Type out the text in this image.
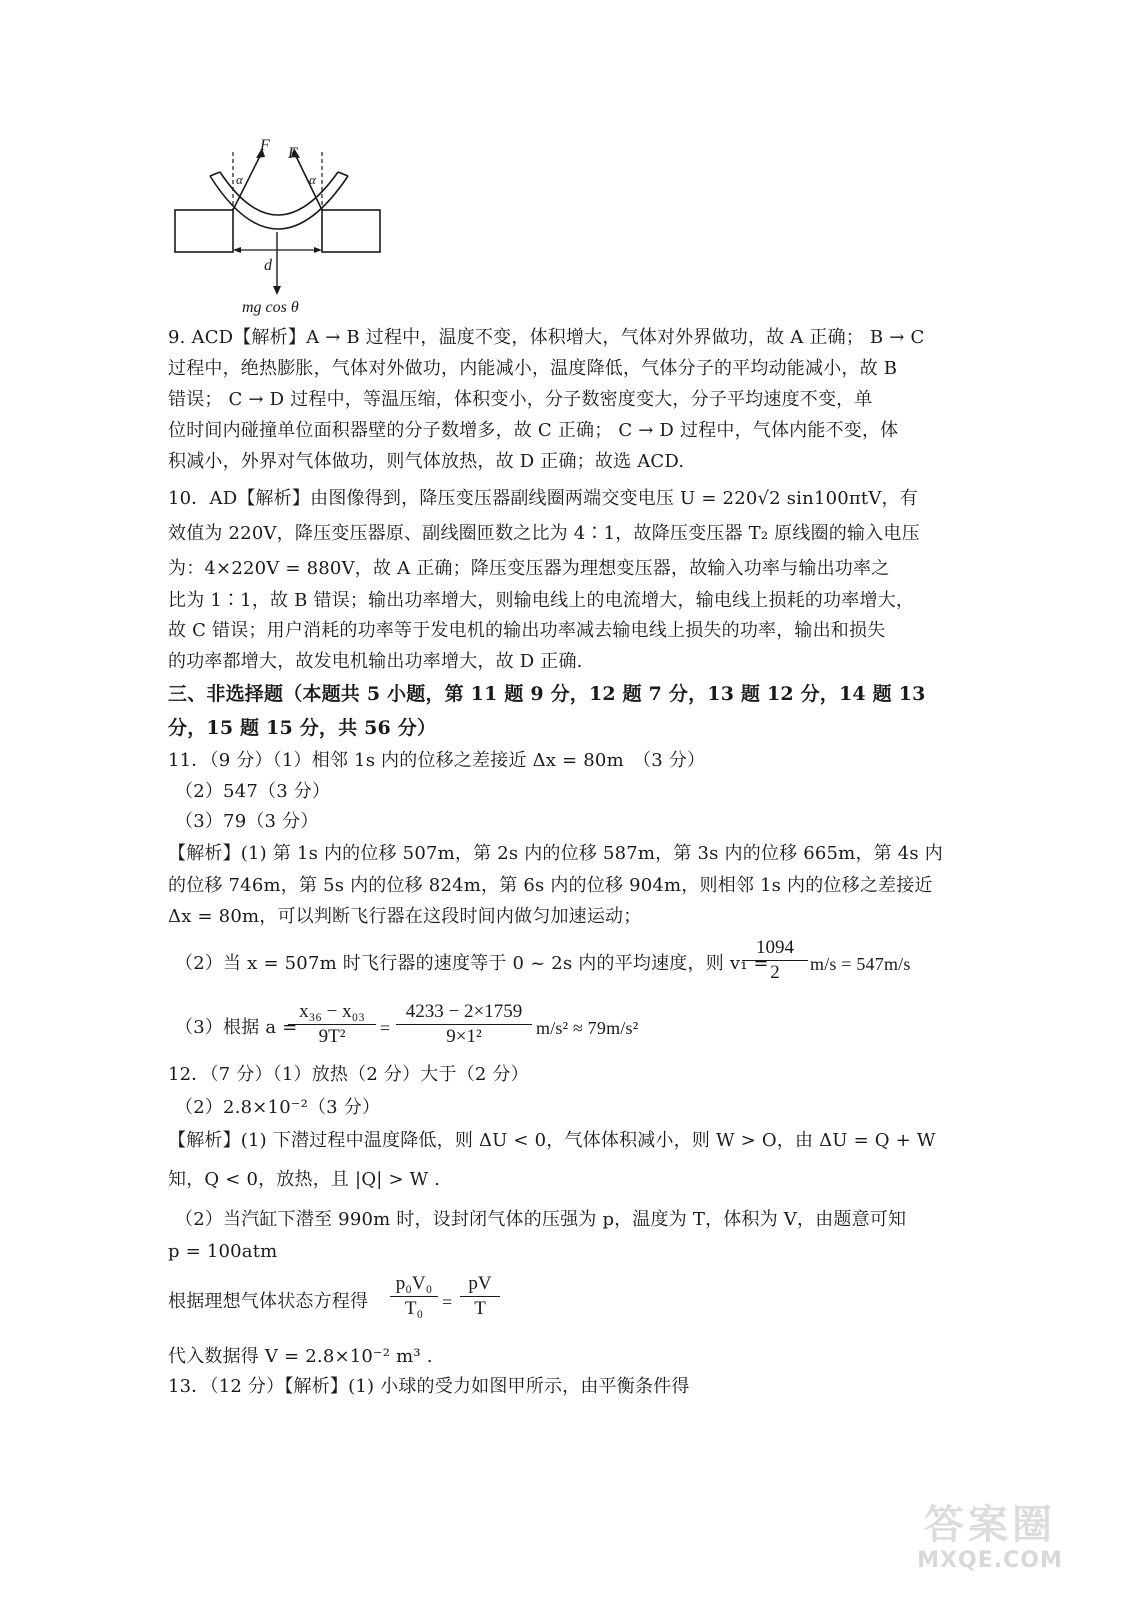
F F
α	α
d
mg cos θ
9. ACD【解析】A → B 过程中，温度不变，体积增大，气体对外界做功，故 A 正确； B → C
过程中，绝热膨胀，气体对外做功，内能减小，温度降低，气体分子的平均动能减小，故 B
错误； C → D 过程中，等温压缩，体积变小，分子数密度变大，分子平均速度不变，单
位时间内碰撞单位面积器壁的分子数增多，故 C 正确； C → D 过程中，气体内能不变，体
积减小，外界对气体做功，则气体放热，故 D 正确；故选 ACD.
10．AD【解析】由图像得到，降压变压器副线圈两端交变电压 U = 220√2 sin100πtV，有
效值为 220V，降压变压器原、副线圈匝数之比为 4∶1，故降压变压器 T₂ 原线圈的输入电压
为：4×220V = 880V，故 A 正确；降压变压器为理想变压器，故输入功率与输出功率之
比为 1∶1，故 B 错误；输出功率增大，则输电线上的电流增大，输电线上损耗的功率增大，
故 C 错误；用户消耗的功率等于发电机的输出功率减去输电线上损失的功率，输出和损失
的功率都增大，故发电机输出功率增大，故 D 正确.
三、非选择题（本题共 5 小题，第 11 题 9 分，12 题 7 分，13 题 12 分，14 题 13
分，15 题 15 分，共 56 分）
11．（9 分）（1）相邻 1s 内的位移之差接近 Δx = 80m　（3 分）
（2）547（3 分）
（3）79（3 分）
【解析】(1) 第 1s 内的位移 507m，第 2s 内的位移 587m，第 3s 内的位移 665m，第 4s 内
的位移 746m，第 5s 内的位移 824m，第 6s 内的位移 904m，则相邻 1s 内的位移之差接近
Δx = 80m，可以判断飞行器在这段时间内做匀加速运动；
（2）当 x = 507m 时飞行器的速度等于 0 ~ 2s 内的平均速度，则 v₁ =
$\frac{1094}{2} m/s = 547m/s$
（3）根据 a =
$\frac{\text{x₃₆ − x₀₃}}{\text{9T²}} = \frac{4233 - 2\times 1759}{\text{9×1²}} m/s^2 \approx 79m/s^2$
12．（7 分）（1）放热（2 分）大于（2 分）
（2）2.8×10⁻²（3 分）
【解析】(1) 下潜过程中温度降低，则 ΔU < 0，气体体积减小，则 W > O，由 ΔU = Q + W
知，Q < 0，放热，且 |Q| > W .
（2）当汽缸下潜至 990m 时，设封闭气体的压强为 p，温度为 T，体积为 V，由题意可知
p = 100atm
根据理想气体状态方程得	$\frac{\text{p₀V₀}}{\text{T₀}} = \frac{pV}{T}$
代入数据得 V = 2.8×10⁻² m³ .
13．（12 分）【解析】(1) 小球的受力如图甲所示，由平衡条件得
答案圈
MXQE.COM
